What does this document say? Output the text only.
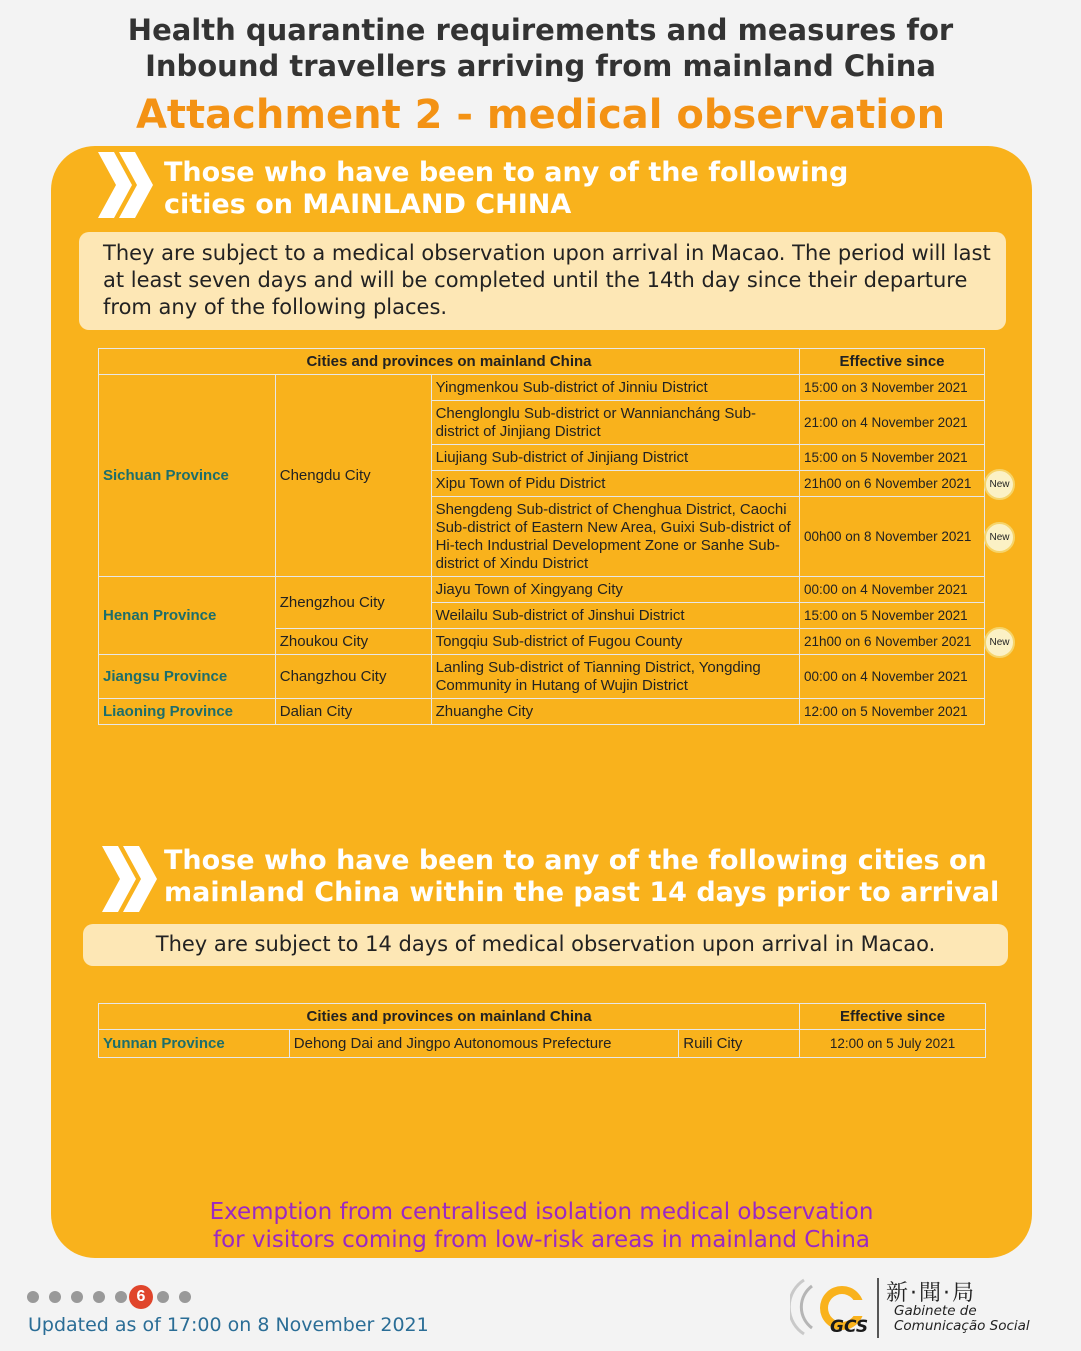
Health quarantine requirements and measures for
Inbound travellers arriving from mainland China
Attachment 2 - medical observation
Those who have been to any of the following
cities on MAINLAND CHINA
They are subject to a medical observation upon arrival in Macao. The period will last at least seven days and will be completed until the 14th day since their departure from any of the following places.
Cities and provinces on mainland China			Effective since
Sichuan Province	Chengdu City	Yingmenkou Sub-district of Jinniu District	15:00 on 3 November 2021
		Chenglonglu Sub-district or Wanniancháng Sub-district of Jinjiang District	21:00 on 4 November 2021
		Liujiang Sub-district of Jinjiang District	15:00 on 5 November 2021
		Xipu Town of Pidu District	21h00 on 6 November 2021
		Shengdeng Sub-district of Chenghua District, Caochi Sub-district of Eastern New Area, Guixi Sub-district of Hi-tech Industrial Development Zone or Sanhe Sub-district of Xindu District	00h00 on 8 November 2021
Henan Province	Zhengzhou City	Jiayu Town of Xingyang City	00:00 on 4 November 2021
		Weilailu Sub-district of Jinshui District	15:00 on 5 November 2021
	Zhoukou City	Tongqiu Sub-district of Fugou County	21h00 on 6 November 2021
Jiangsu Province	Changzhou City	Lanling Sub-district of Tianning District, Yongding Community in Hutang of Wujin District	00:00 on 4 November 2021
Liaoning Province	Dalian City	Zhuanghe City	12:00 on 5 November 2021
New
New
New
Those who have been to any of the following cities on
mainland China within the past 14 days prior to arrival
They are subject to 14 days of medical observation upon arrival in Macao.
Cities and provinces on mainland China			Effective since
Yunnan Province	Dehong Dai and Jingpo Autonomous Prefecture	Ruili City	12:00 on 5 July 2021
Exemption from centralised isolation medical observation
for visitors coming from low-risk areas in mainland China
6
Updated as of 17:00 on 8 November 2021	GCS
新·聞·局
Gabinete de
Comunicação Social
